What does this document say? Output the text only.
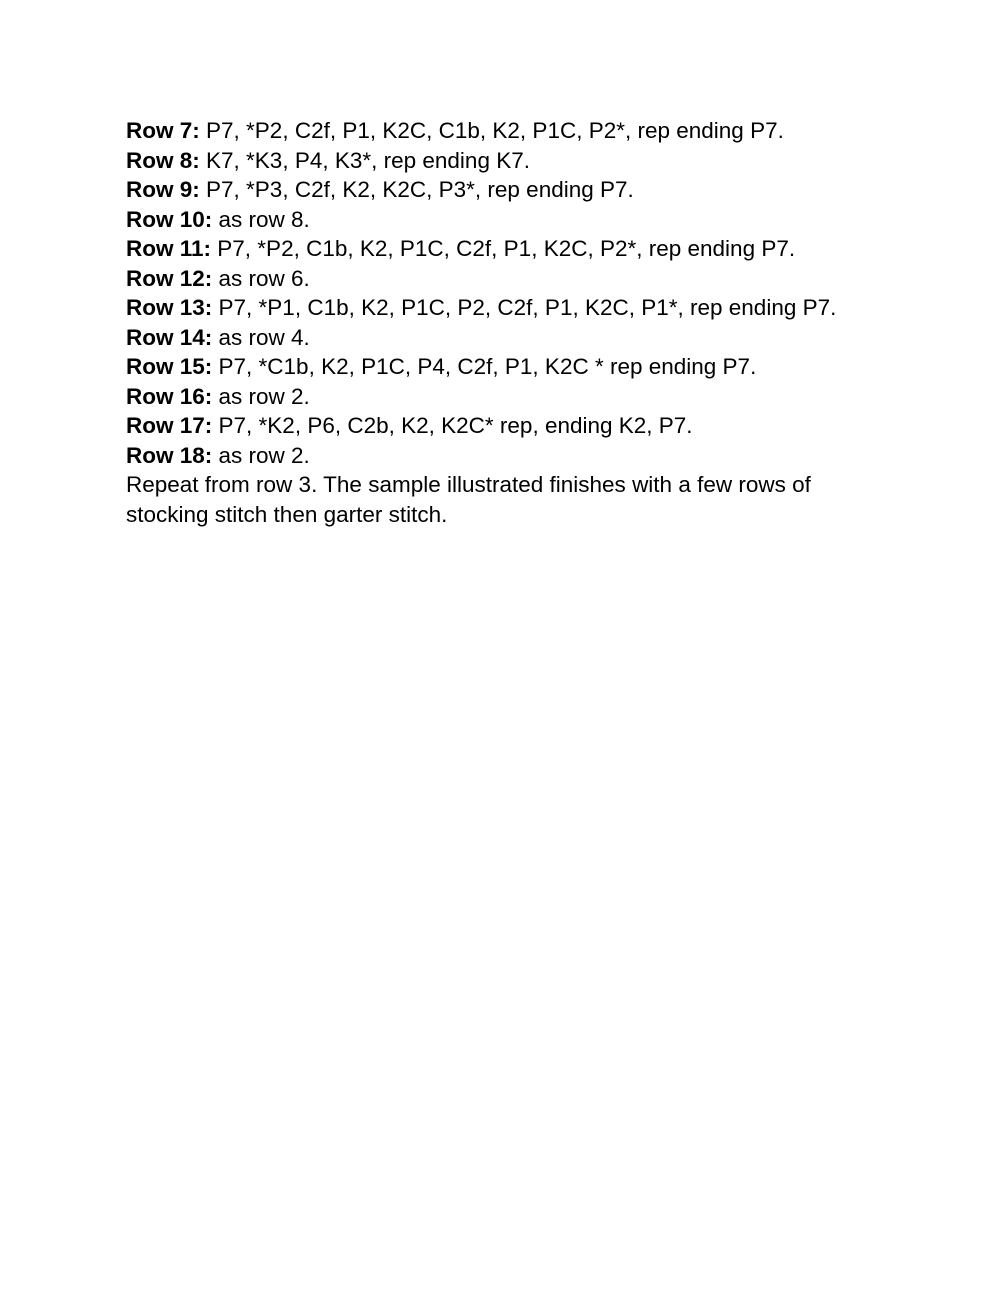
Row 7: P7, *P2, C2f, P1, K2C, C1b, K2, P1C, P2*, rep ending P7.

Row 8: K7, *K3, P4, K3*, rep ending K7.

Row 9: P7, *P3, C2f, K2, K2C, P3*, rep ending P7.

Row 10: as row 8.

Row 11: P7, *P2, C1b, K2, P1C, C2f, P1, K2C, P2*, rep ending P7.

Row 12: as row 6.

Row 13: P7, *P1, C1b, K2, P1C, P2, C2f, P1, K2C, P1*, rep ending P7.

Row 14: as row 4.

Row 15: P7, *C1b, K2, P1C, P4, C2f, P1, K2C * rep ending P7.

Row 16: as row 2.

Row 17: P7, *K2, P6, C2b, K2, K2C* rep, ending K2, P7.

Row 18: as row 2.

Repeat from row 3. The sample illustrated finishes with a few rows of stocking stitch then garter stitch.
